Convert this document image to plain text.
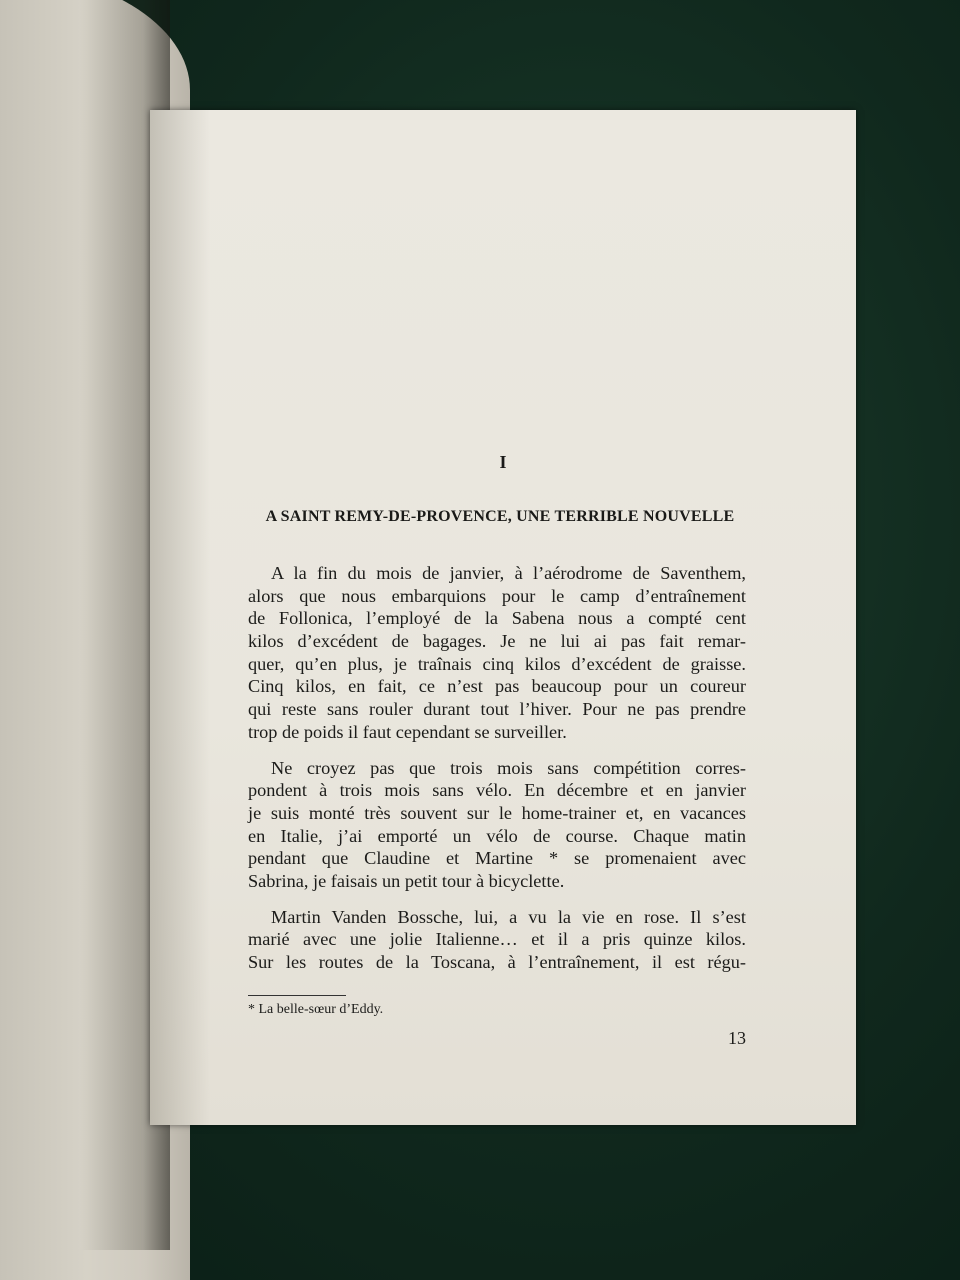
I
A SAINT REMY-DE-PROVENCE, UNE TERRIBLE NOUVELLE
A la fin du mois de janvier, à l’aérodrome de Saventhem,
alors que nous embarquions pour le camp d’entraînement
de Follonica, l’employé de la Sabena nous a compté cent
kilos d’excédent de bagages. Je ne lui ai pas fait remar-
quer, qu’en plus, je traînais cinq kilos d’excédent de graisse.
Cinq kilos, en fait, ce n’est pas beaucoup pour un coureur
qui reste sans rouler durant tout l’hiver. Pour ne pas prendre
trop de poids il faut cependant se surveiller.
Ne croyez pas que trois mois sans compétition corres-
pondent à trois mois sans vélo. En décembre et en janvier
je suis monté très souvent sur le home-trainer et, en vacances
en Italie, j’ai emporté un vélo de course. Chaque matin
pendant que Claudine et Martine * se promenaient avec
Sabrina, je faisais un petit tour à bicyclette.
Martin Vanden Bossche, lui, a vu la vie en rose. Il s’est
marié avec une jolie Italienne… et il a pris quinze kilos.
Sur les routes de la Toscana, à l’entraînement, il est régu-
* La belle-sœur d’Eddy.
13
